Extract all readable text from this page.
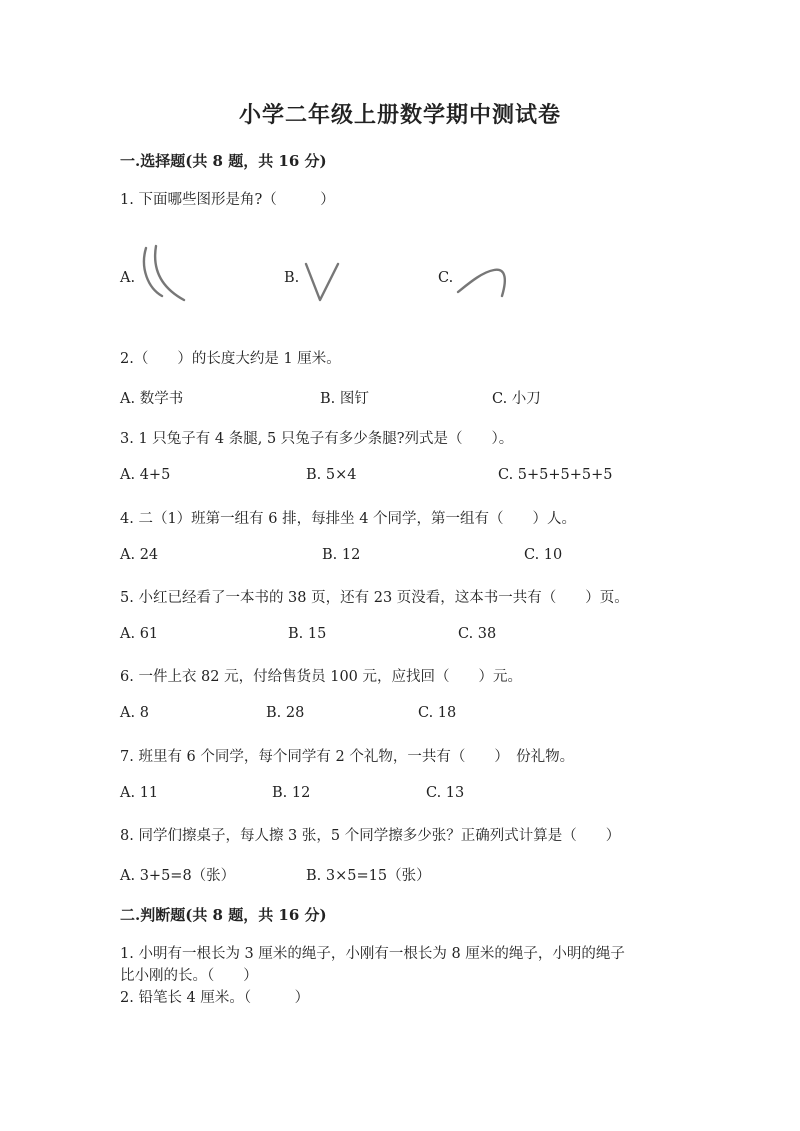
小学二年级上册数学期中测试卷
一.选择题(共 8 题，共 16 分)
1. 下面哪些图形是角?（　　　）
A.	B.	C.
2.（　　）的长度大约是 1 厘米。
A. 数学书	B. 图钉	C. 小刀
3. 1 只兔子有 4 条腿, 5 只兔子有多少条腿?列式是（　　）。
A. 4+5	B. 5×4	C. 5+5+5+5+5
4. 二（1）班第一组有 6 排，每排坐 4 个同学，第一组有（　　）人。
A. 24	B. 12	C. 10
5. 小红已经看了一本书的 38 页，还有 23 页没看，这本书一共有（　　）页。
A. 61	B. 15	C. 38
6. 一件上衣 82 元，付给售货员 100 元，应找回（　　）元。
A. 8	B. 28	C. 18
7. 班里有 6 个同学，每个同学有 2 个礼物，一共有（　　）　份礼物。
A. 11	B. 12	C. 13
8. 同学们擦桌子，每人擦 3 张，5 个同学擦多少张？正确列式计算是（　　）
A. 3+5=8（张）	B. 3×5=15（张）
二.判断题(共 8 题，共 16 分)
1. 小明有一根长为 3 厘米的绳子，小刚有一根长为 8 厘米的绳子，小明的绳子
比小刚的长。（　　）
2. 铅笔长 4 厘米。（　　　）
